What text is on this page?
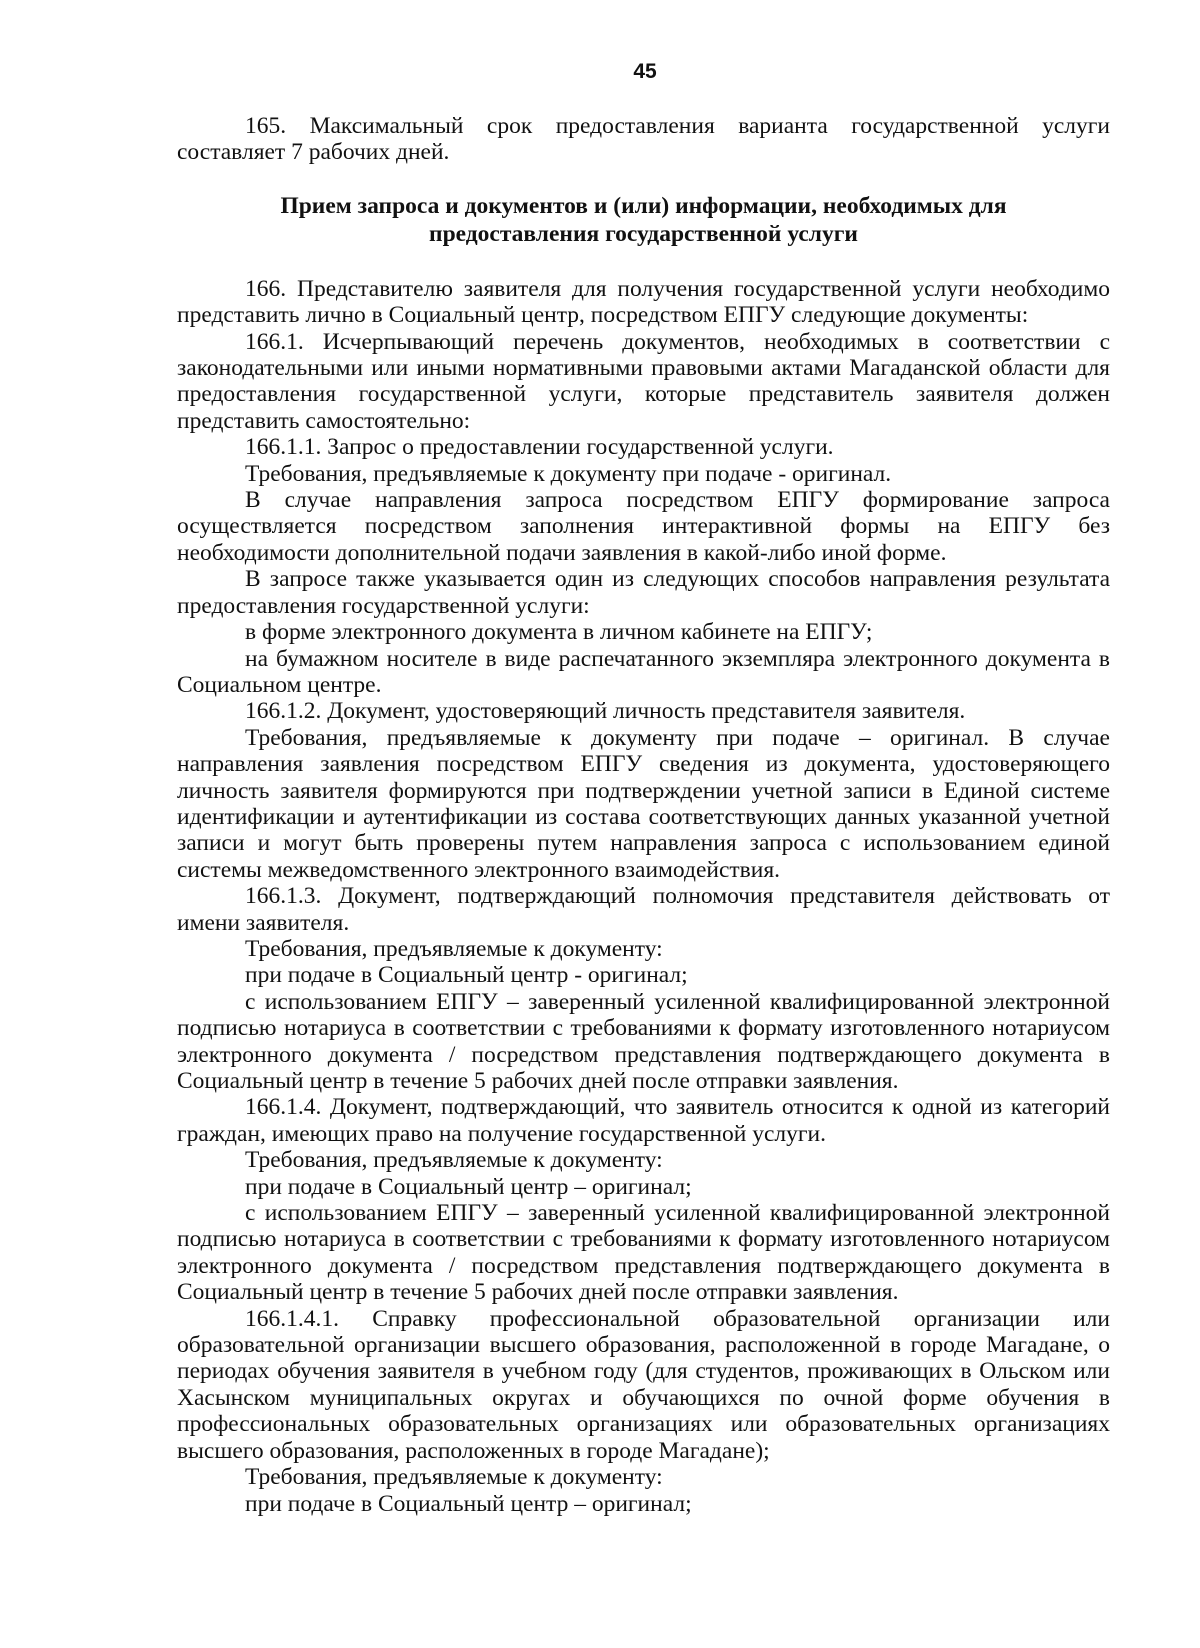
45

165. Максимальный срок предоставления варианта государственной услуги составляет 7 рабочих дней.

Прием запроса и документов и (или) информации, необходимых для
предоставления государственной услуги

166. Представителю заявителя для получения государственной услуги необходимо представить лично в Социальный центр, посредством ЕПГУ следующие документы:

166.1. Исчерпывающий перечень документов, необходимых в соответствии с законодательными или иными нормативными правовыми актами Магаданской области для предоставления государственной услуги, которые представитель заявителя должен представить самостоятельно:

166.1.1. Запрос о предоставлении государственной услуги.

Требования, предъявляемые к документу при подаче - оригинал.

В случае направления запроса посредством ЕПГУ формирование запроса осуществляется посредством заполнения интерактивной формы на ЕПГУ без необходимости дополнительной подачи заявления в какой-либо иной форме.

В запросе также указывается один из следующих способов направления результата предоставления государственной услуги:

в форме электронного документа в личном кабинете на ЕПГУ;

на бумажном носителе в виде распечатанного экземпляра электронного документа в Социальном центре.

166.1.2. Документ, удостоверяющий личность представителя заявителя.

Требования, предъявляемые к документу при подаче – оригинал. В случае направления заявления посредством ЕПГУ сведения из документа, удостоверяющего личность заявителя формируются при подтверждении учетной записи в Единой системе идентификации и аутентификации из состава соответствующих данных указанной учетной записи и могут быть проверены путем направления запроса с использованием единой системы межведомственного электронного взаимодействия.

166.1.3. Документ, подтверждающий полномочия представителя действовать от имени заявителя.

Требования, предъявляемые к документу:

при подаче в Социальный центр - оригинал;

с использованием ЕПГУ – заверенный усиленной квалифицированной электронной подписью нотариуса в соответствии с требованиями к формату изготовленного нотариусом электронного документа / посредством представления подтверждающего документа в Социальный центр в течение 5 рабочих дней после отправки заявления.

166.1.4. Документ, подтверждающий, что заявитель относится к одной из категорий граждан, имеющих право на получение государственной услуги.

Требования, предъявляемые к документу:

при подаче в Социальный центр – оригинал;

с использованием ЕПГУ – заверенный усиленной квалифицированной электронной подписью нотариуса в соответствии с требованиями к формату изготовленного нотариусом электронного документа / посредством представления подтверждающего документа в Социальный центр в течение 5 рабочих дней после отправки заявления.

166.1.4.1. Справку профессиональной образовательной организации или образовательной организации высшего образования, расположенной в городе Магадане, о периодах обучения заявителя в учебном году (для студентов, проживающих в Ольском или Хасынском муниципальных округах и обучающихся по очной форме обучения в профессиональных образовательных организациях или образовательных организациях высшего образования, расположенных в городе Магадане);

Требования, предъявляемые к документу:

при подаче в Социальный центр – оригинал;
